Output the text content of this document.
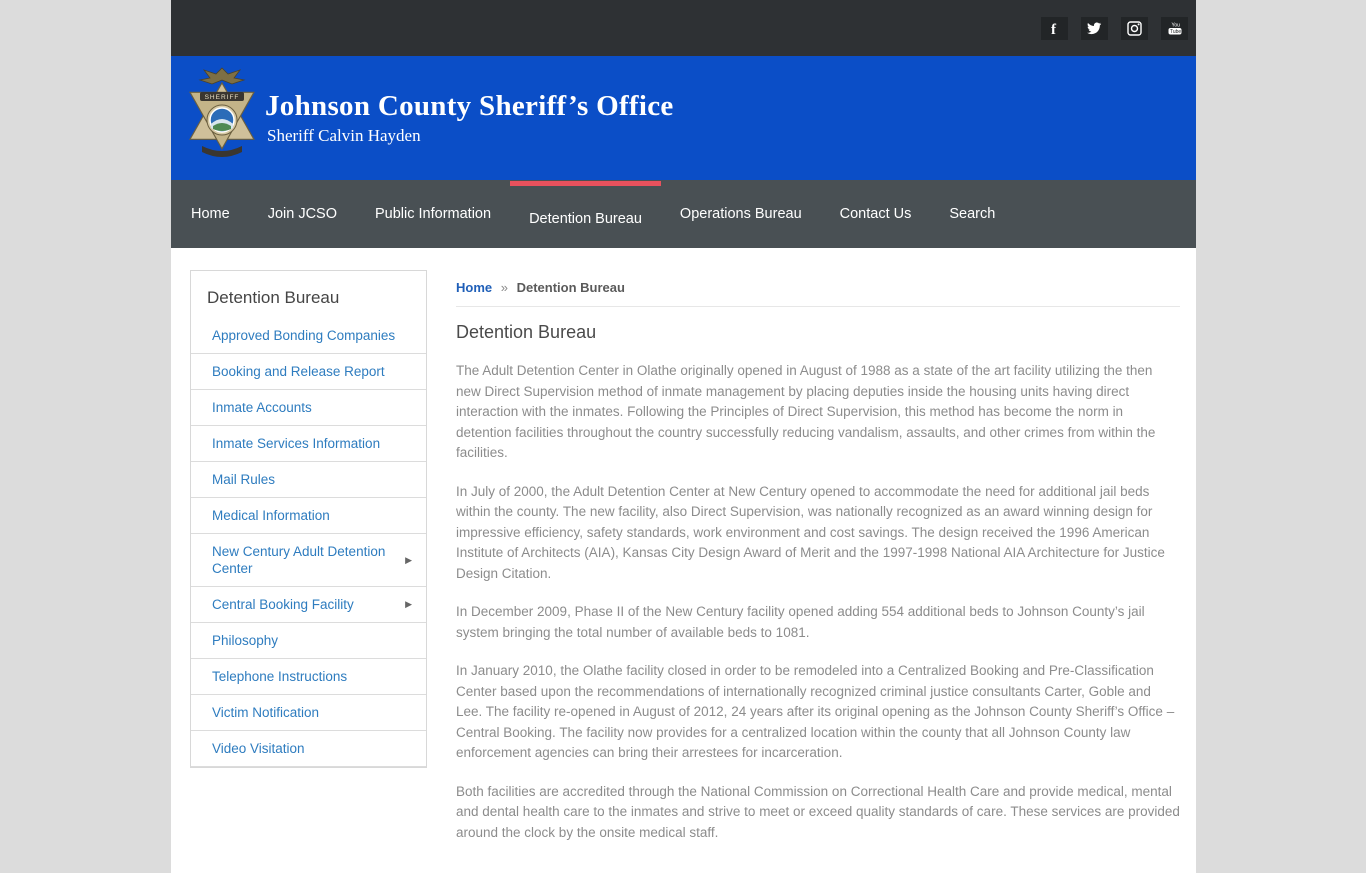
f	You
Tube
SHERIFF Johnson County Sheriff’s Office
Sheriff Calvin Hayden
Home	Join JCSO	Public Information	Detention Bureau	Operations Bureau	Contact Us	Search
Detention Bureau
Approved Bonding Companies
Booking and Release Report
Inmate Accounts
Inmate Services Information
Mail Rules
Medical Information
New Century Adult Detention Center
▶
Central Booking Facility	▶
Philosophy
Telephone Instructions
Victim Notification
Video Visitation
Home » Detention Bureau
Detention Bureau

The Adult Detention Center in Olathe originally opened in August of 1988 as a state of the art facility utilizing the then new Direct Supervision method of inmate management by placing deputies inside the housing units having direct interaction with the inmates. Following the Principles of Direct Supervision, this method has become the norm in detention facilities throughout the country successfully reducing vandalism, assaults, and other crimes from within the facilities.

In July of 2000, the Adult Detention Center at New Century opened to accommodate the need for additional jail beds within the county. The new facility, also Direct Supervision, was nationally recognized as an award winning design for impressive efficiency, safety standards, work environment and cost savings. The design received the 1996 American Institute of Architects (AIA), Kansas City Design Award of Merit and the 1997-1998 National AIA Architecture for Justice Design Citation.

In December 2009, Phase II of the New Century facility opened adding 554 additional beds to Johnson County’s jail system bringing the total number of available beds to 1081.

In January 2010, the Olathe facility closed in order to be remodeled into a Centralized Booking and Pre-Classification Center based upon the recommendations of internationally recognized criminal justice consultants Carter, Goble and Lee. The facility re-opened in August of 2012, 24 years after its original opening as the Johnson County Sheriff’s Office – Central Booking. The facility now provides for a centralized location within the county that all Johnson County law enforcement agencies can bring their arrestees for incarceration.

Both facilities are accredited through the National Commission on Correctional Health Care and provide medical, mental and dental health care to the inmates and strive to meet or exceed quality standards of care. These services are provided around the clock by the onsite medical staff.
